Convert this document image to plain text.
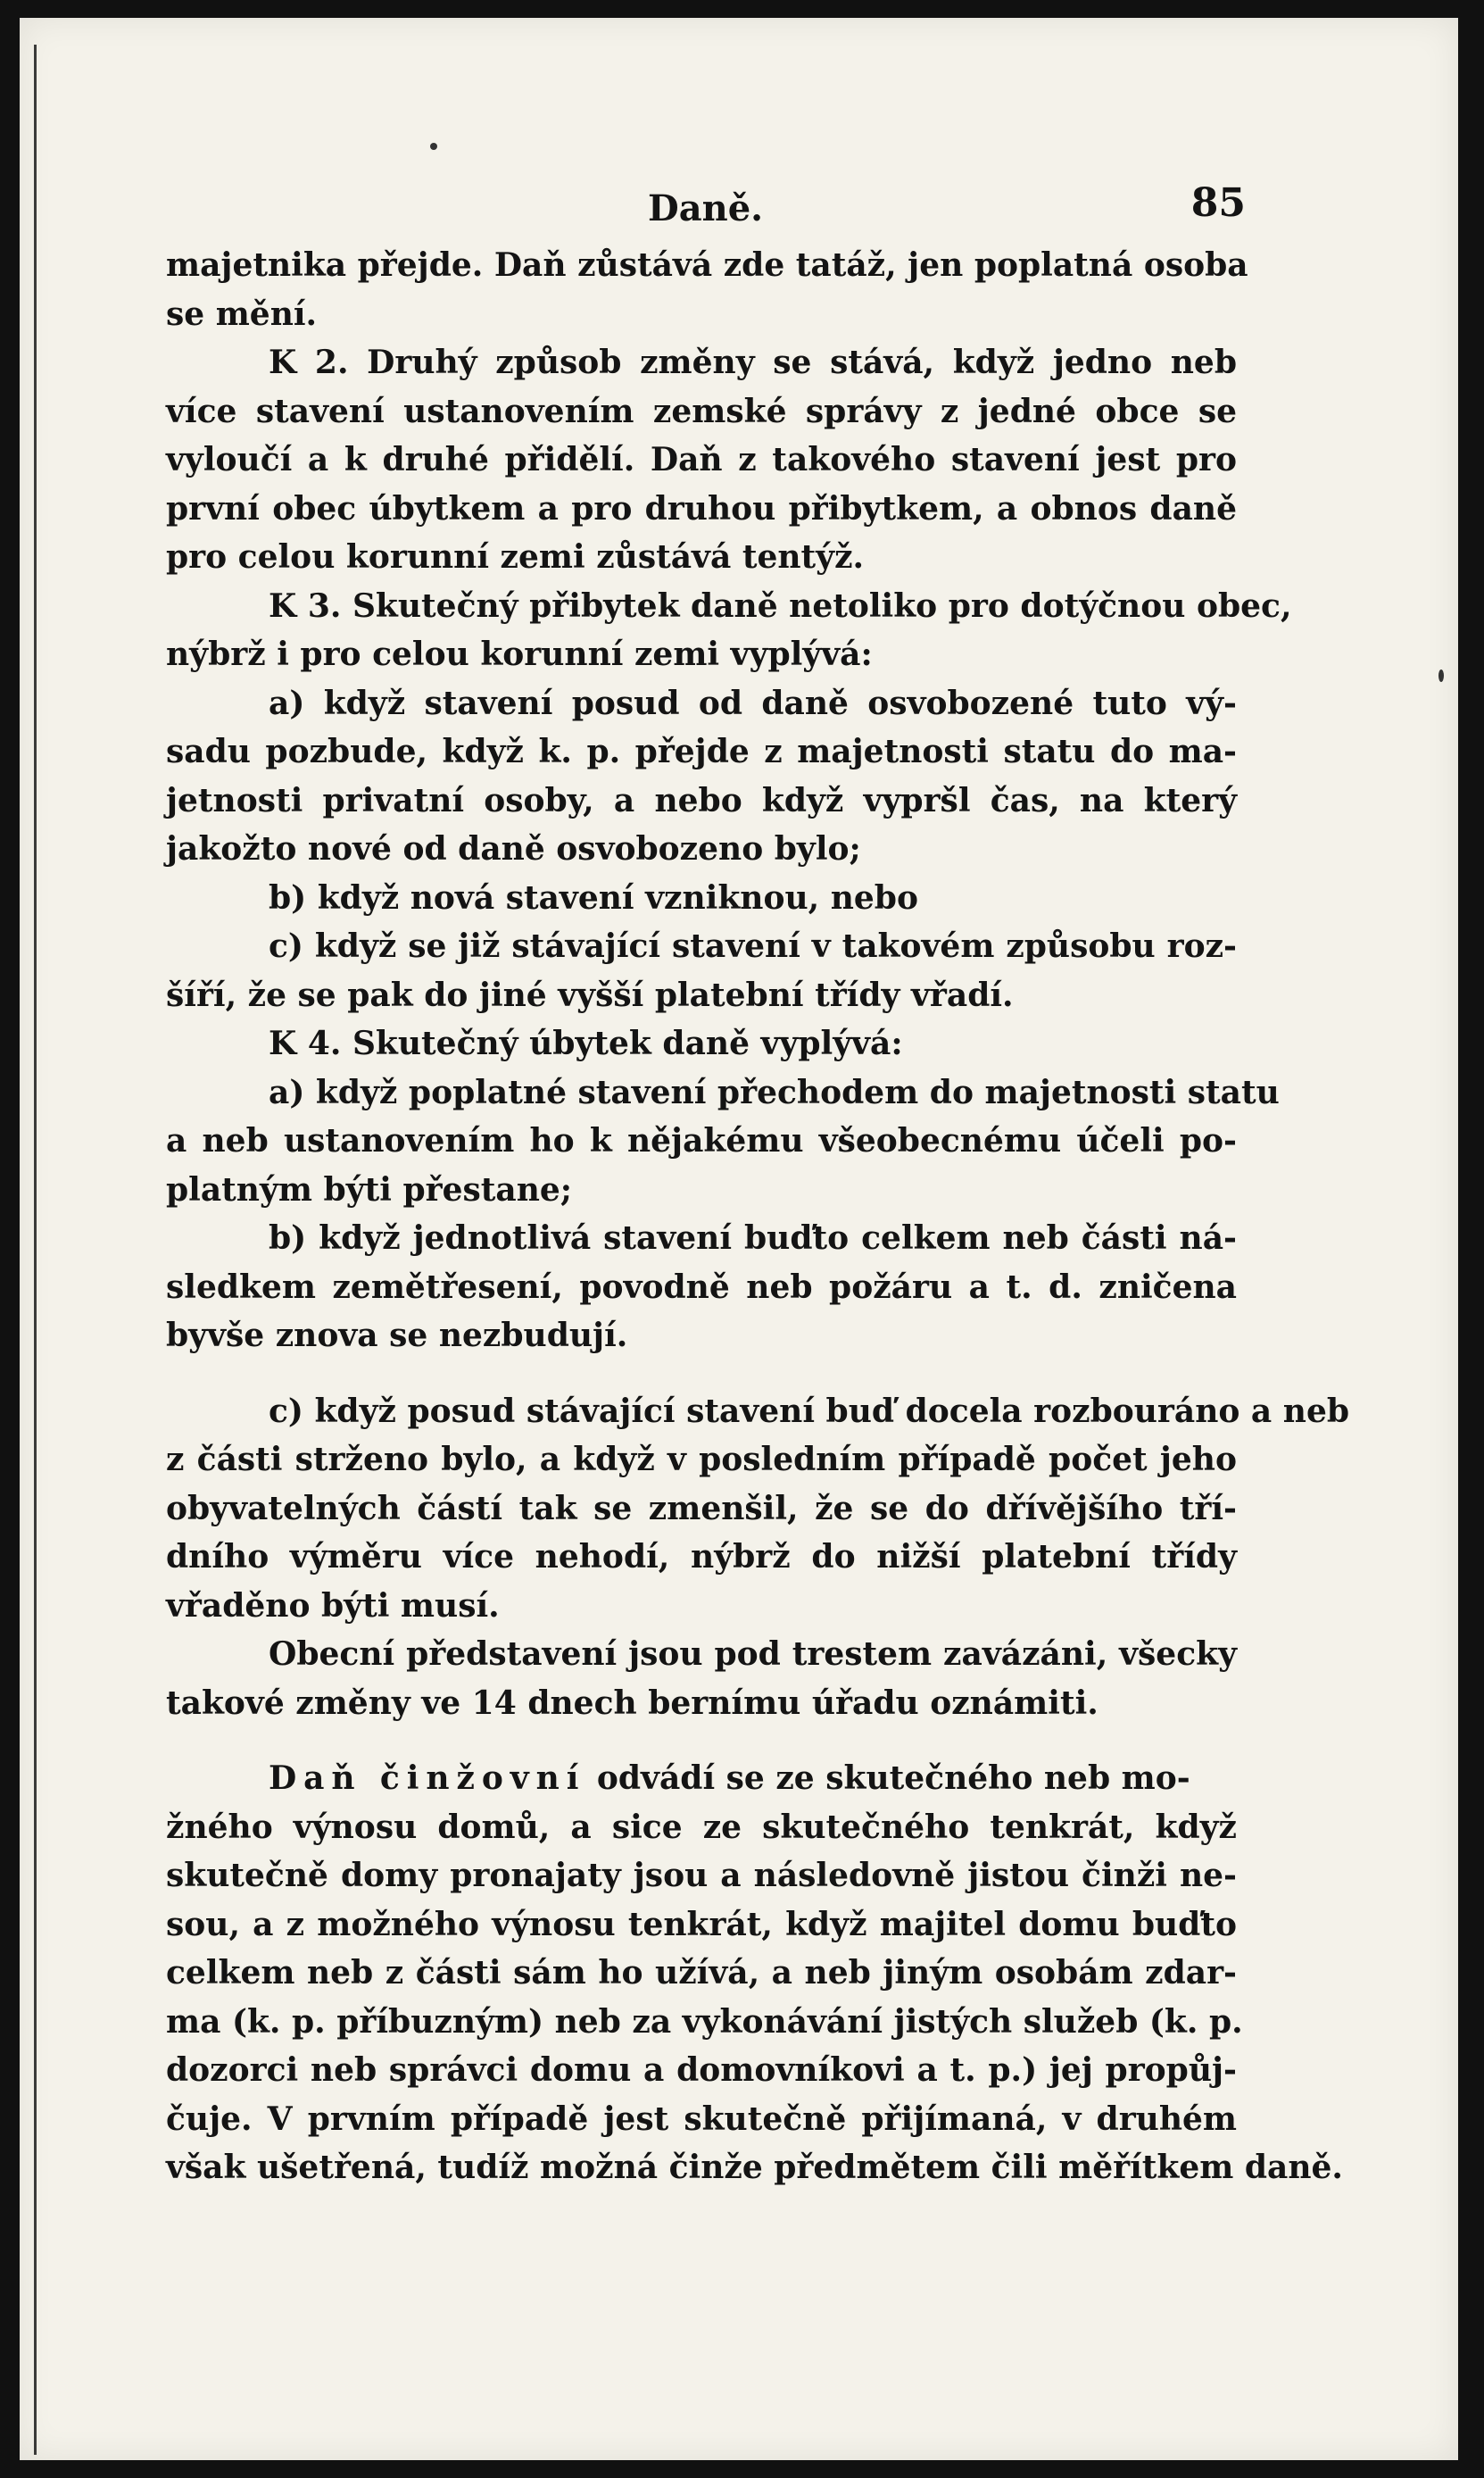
Daně.	85
majetnika přejde. Daň zůstává zde tatáž, jen poplatná osoba
se mění.
K 2. Druhý způsob změny se stává, když jedno neb
více stavení ustanovením zemské správy z jedné obce se
vyloučí a k druhé přidělí. Daň z takového stavení jest pro
první obec úbytkem a pro druhou přibytkem, a obnos daně
pro celou korunní zemi zůstává tentýž.
K 3. Skutečný přibytek daně netoliko pro dotýčnou obec,
nýbrž i pro celou korunní zemi vyplývá:
a) když stavení posud od daně osvobozené tuto vý-
sadu pozbude, když k. p. přejde z majetnosti statu do ma-
jetnosti privatní osoby, a nebo když vypršl čas, na který
jakožto nové od daně osvobozeno bylo;
b) když nová stavení vzniknou, nebo
c) když se již stávající stavení v takovém způsobu roz-
šíří, že se pak do jiné vyšší platební třídy vřadí.
K 4. Skutečný úbytek daně vyplývá:
a) když poplatné stavení přechodem do majetnosti statu
a neb ustanovením ho k nějakému všeobecnému účeli po-
platným býti přestane;
b) když jednotlivá stavení buďto celkem neb části ná-
sledkem zemětřesení, povodně neb požáru a t. d. zničena
byvše znova se nezbudují.
c) když posud stávající stavení buď docela rozbouráno a neb
z části strženo bylo, a když v posledním případě počet jeho
obyvatelných částí tak se zmenšil, že se do dřívějšího tří-
dního výměru více nehodí, nýbrž do nižší platební třídy
vřaděno býti musí.
Obecní představení jsou pod trestem zavázáni, všecky
takové změny ve 14 dnech bernímu úřadu oznámiti.
Daň činžovní odvádí se ze skutečného neb mo-
žného výnosu domů, a sice ze skutečného tenkrát, když
skutečně domy pronajaty jsou a následovně jistou činži ne-
sou, a z možného výnosu tenkrát, když majitel domu buďto
celkem neb z části sám ho užívá, a neb jiným osobám zdar-
ma (k. p. příbuzným) neb za vykonávání jistých služeb (k. p.
dozorci neb správci domu a domovníkovi a t. p.) jej propůj-
čuje. V prvním případě jest skutečně přijímaná, v druhém
však ušetřená, tudíž možná činže předmětem čili měřítkem daně.
